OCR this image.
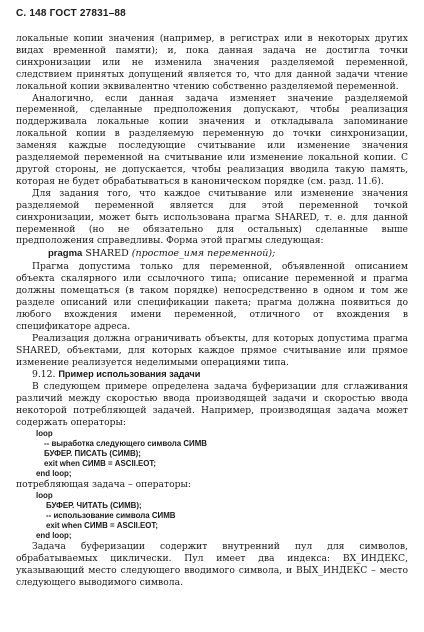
С. 148 ГОСТ 27831–88

локальные копии значения (например, в регистрах или в некоторых других видах временной памяти); и, пока данная задача не достигла точки синхронизации или не изменила значения разделяемой переменной, следствием принятых допущений является то, что для данной задачи чтение локальной копии эквивалентно чтению собственно разделяемой переменной.

Аналогично, если данная задача изменяет значение разделяемой переменной, сделанные предположения допускают, чтобы реализация поддерживала локальные копии значения и откладывала запоминание локальной копии в разделяемую переменную до точки синхронизации, заменяя каждые последующие считывание или изменение значения разделяемой переменной на считывание или изменение локальной копии. С другой стороны, не допускается, чтобы реализация вводила такую память, которая не будет обрабатываться в каноническом порядке (см. разд. 11.6).

Для задания того, что каждое считывание или изменение значения разделяемой переменной является для этой переменной точкой синхронизации, может быть использована прагма SHARED, т. е. для данной переменной (но не обязательно для остальных) сделанные выше предположения справедливы. Форма этой прагмы следующая:

pragma SHARED (простое_имя переменной);

Прагма допустима только для переменной, объявленной описанием объекта скалярного или ссылочного типа; описание переменной и прагма должны помещаться (в таком порядке) непосредственно в одном и том же разделе описаний или спецификации пакета; прагма должна появиться до любого вхождения имени переменной, отличного от вхождения в спецификаторе адреса.

Реализация должна ограничивать объекты, для которых допустима прагма SHARED, объектами, для которых каждое прямое считывание или прямое изменение реализуется неделимыми операциями типа.

9.12. Пример использования задачи

В следующем примере определена задача буферизации для сглаживания различий между скоростью ввода производящей задачи и скоростью ввода некоторой потребляющей задачей. Например, производящая задача может содержать операторы:

loop
-- выработка следующего символа СИМВ
БУФЕР. ПИСАТЬ (СИМВ);
exit when СИМВ = ASCII.EOT;
end loop;

потребляющая задача – операторы:

loop
БУФЕР. ЧИТАТЬ (СИМВ);
-- использование символа СИМВ
exit when СИМВ = ASCII.EOT;
end loop;

Задача буферизации содержит внутренний пул для символов, обрабатываемых циклически. Пул имеет два индекса: ВХ_ИНДЕКС, указывающий место следующего вводимого символа, и ВЫХ_ИНДЕКС – место следующего выводимого символа.
